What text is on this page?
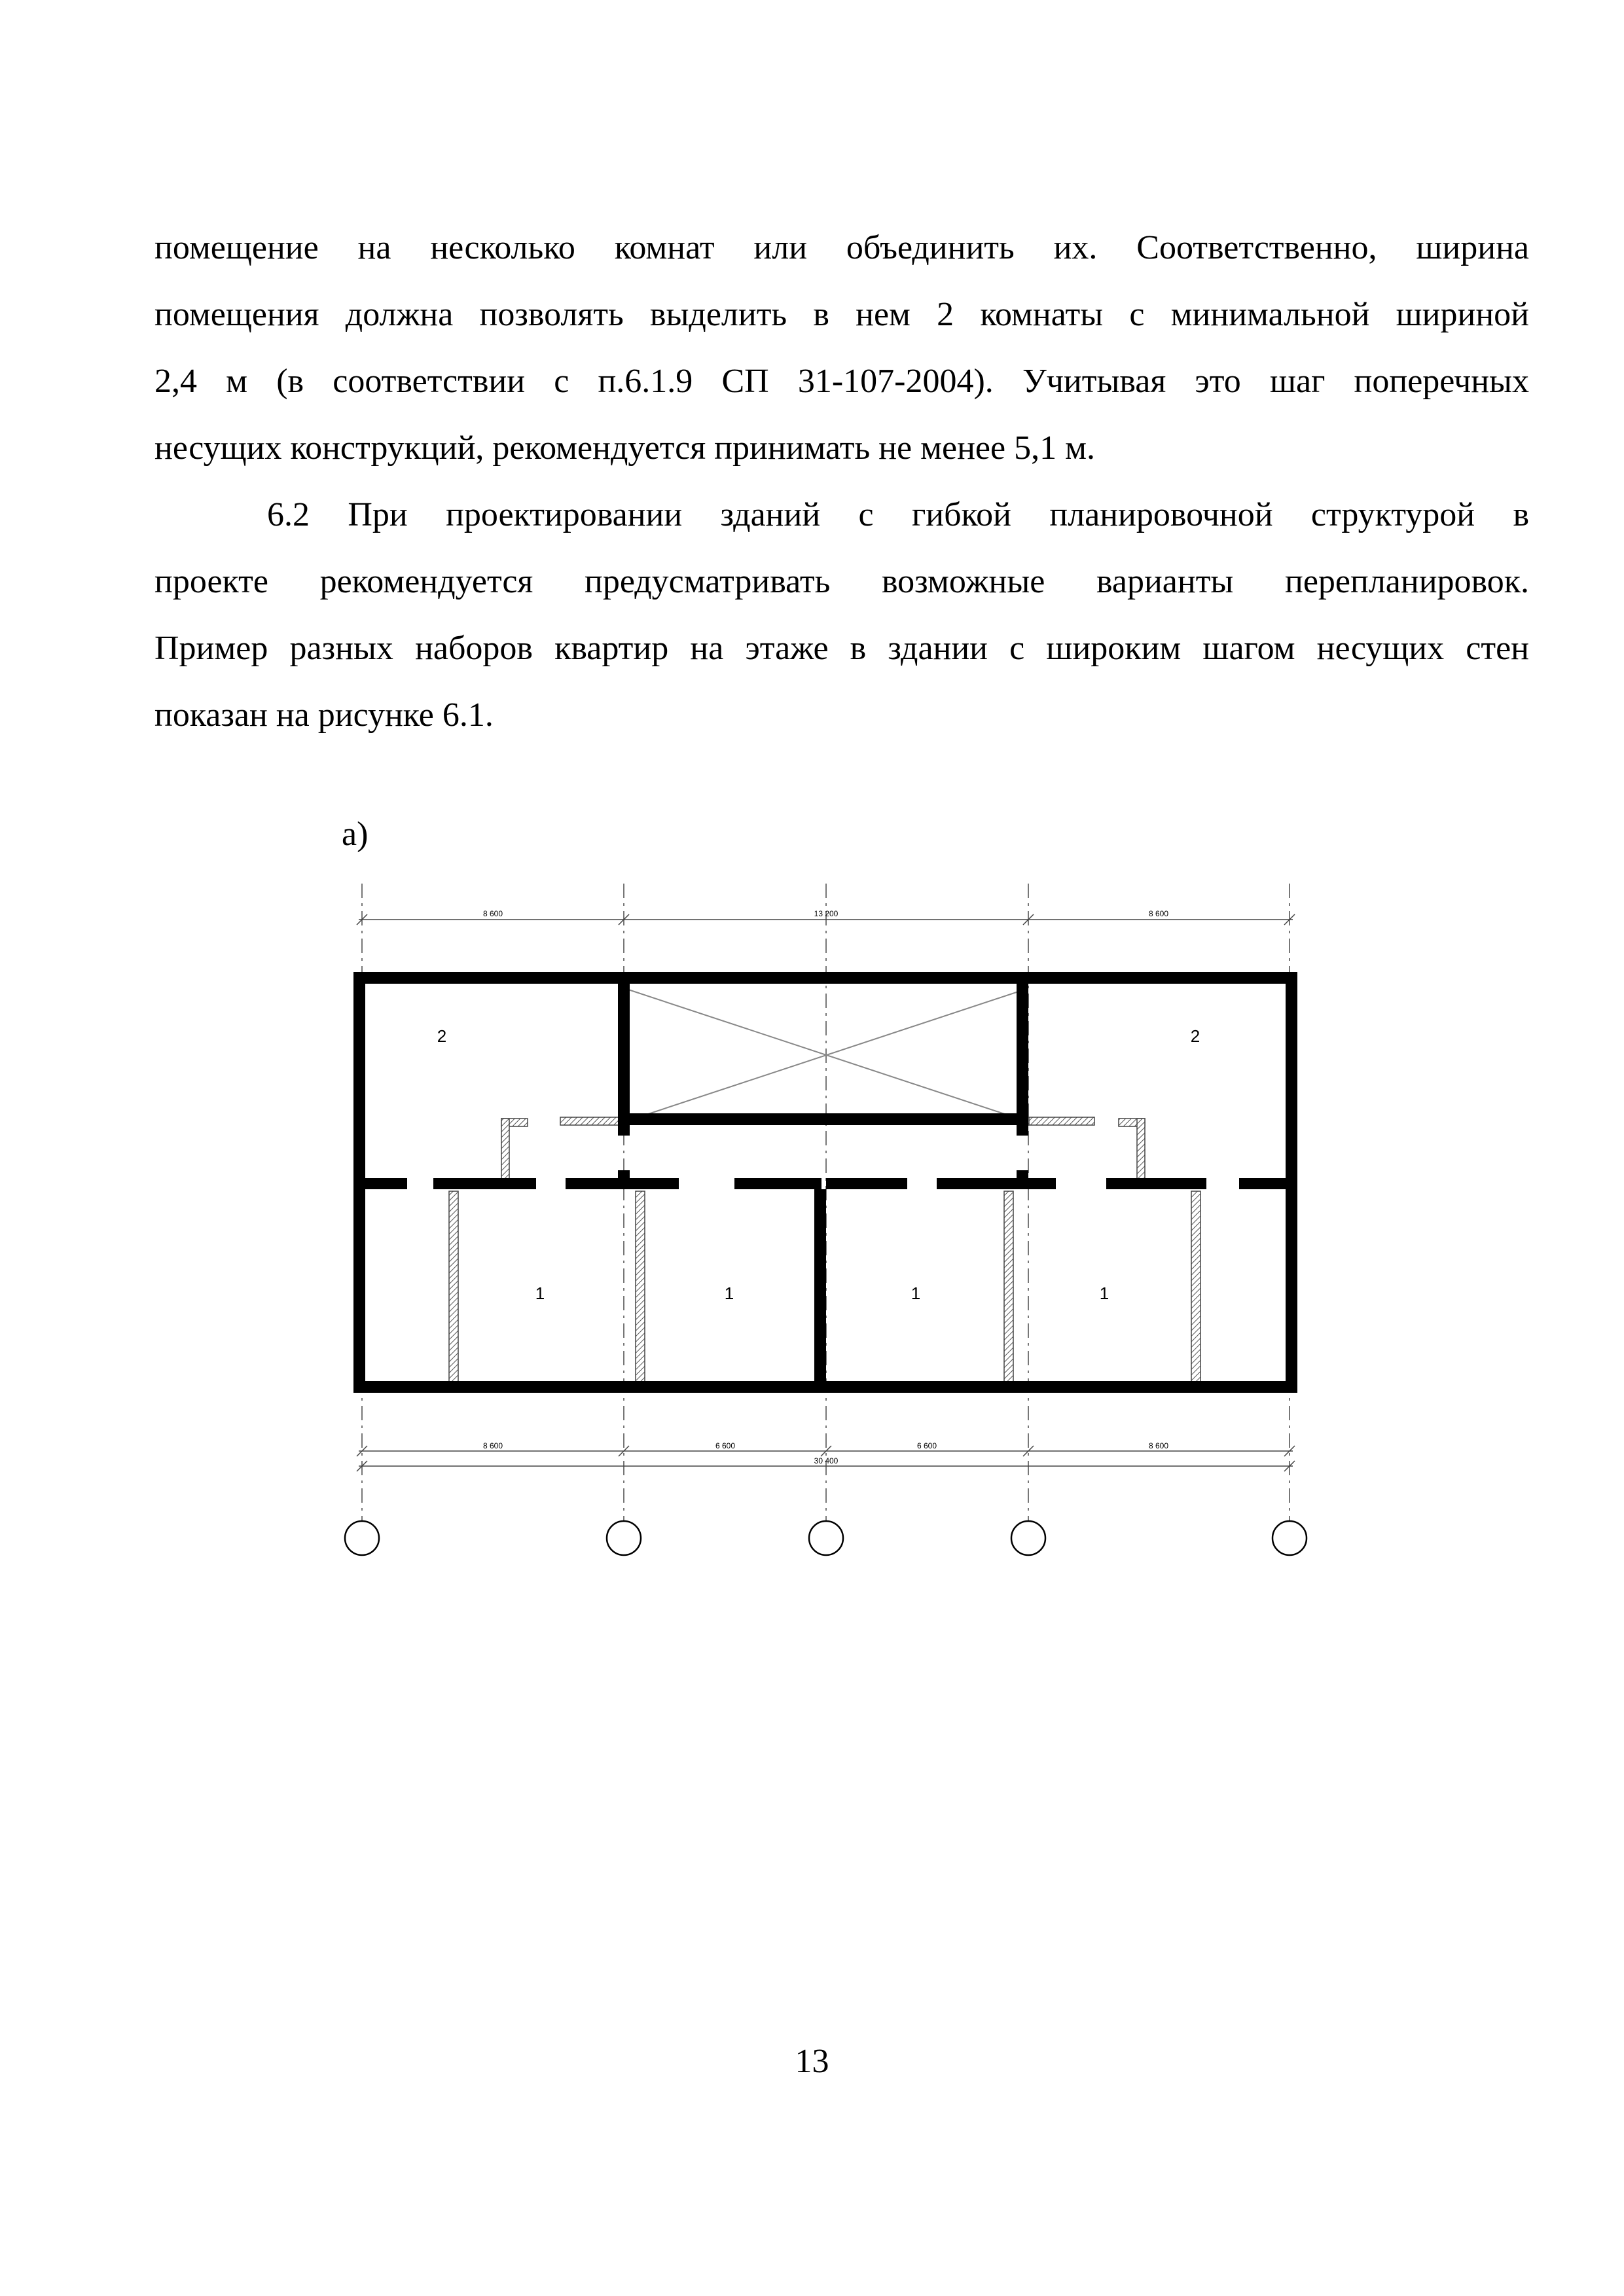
помещение на несколько комнат или объединить их. Соответственно, ширина
помещения должна позволять выделить в нем 2 комнаты с минимальной шириной
2,4 м (в соответствии с п.6.1.9 СП 31-107-2004). Учитывая это шаг поперечных
несущих конструкций, рекомендуется принимать не менее 5,1 м.
6.2 При проектировании зданий с гибкой планировочной структурой в
проекте рекомендуется предусматривать возможные варианты перепланировок.
Пример разных наборов квартир на этаже в здании с широким шагом несущих стен
показан на рисунке 6.1.
а)
8 600	13 200	8 600
2	2
1	1	1	1
8 600	6 600	6 600	8 600
30 400
13
